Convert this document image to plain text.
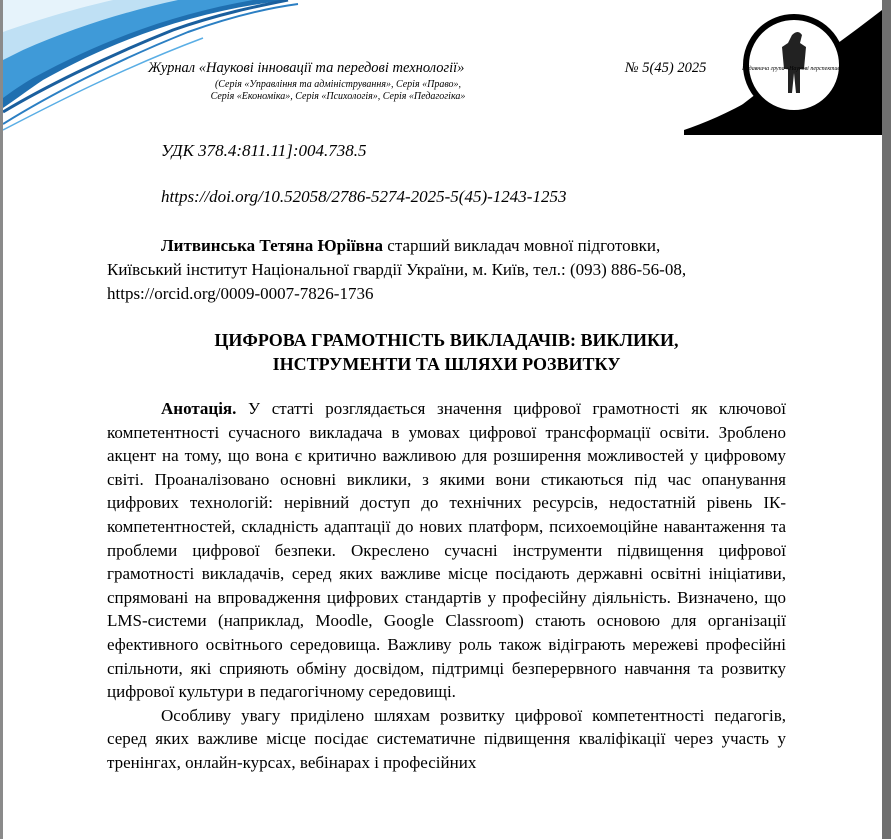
Журнал «Наукові інновації та передові технології»	№ 5(45) 2025
(Серія «Управління та адміністрування», Серія «Право»,
Серія «Економіка», Серія «Психологія», Серія «Педагогіка»
Видавнича група «Наукові перспективи»
УДК 378.4:811.11]:004.738.5
https://doi.org/10.52058/2786-5274-2025-5(45)-1243-1253
Литвинська Тетяна Юріївна старший викладач мовної підготовки,
Київський інститут Національної гвардії України, м. Київ, тел.: (093) 886-56-08,
https://orcid.org/0009-0007-7826-1736
ЦИФРОВА ГРАМОТНІСТЬ ВИКЛАДАЧІВ: ВИКЛИКИ,
ІНСТРУМЕНТИ ТА ШЛЯХИ РОЗВИТКУ

Анотація. У статті розглядається значення цифрової грамотності як ключової компетентності сучасного викладача в умовах цифрової трансформації освіти. Зроблено акцент на тому, що вона є критично важливою для розширення можливостей у цифровому світі. Проаналізовано основні виклики, з якими вони стикаються під час опанування цифрових технологій: нерівний доступ до технічних ресурсів, недостатній рівень ІК-компетентностей, складність адаптації до нових платформ, психоемоційне навантаження та проблеми цифрової безпеки. Окреслено сучасні інструменти підвищення цифрової грамотності викладачів, серед яких важливе місце посідають державні освітні ініціативи, спрямовані на впровадження цифрових стандартів у професійну діяльність. Визначено, що LMS-системи (наприклад, Moodle, Google Classroom) стають основою для організації ефективного освітнього середовища. Важливу роль також відіграють мережеві професійні спільноти, які сприяють обміну досвідом, підтримці безперервного навчання та розвитку цифрової культури в педагогічному середовищі.

Особливу увагу приділено шляхам розвитку цифрової компетентності педагогів, серед яких важливе місце посідає систематичне підвищення кваліфікації через участь у тренінгах, онлайн-курсах, вебінарах і професійних
